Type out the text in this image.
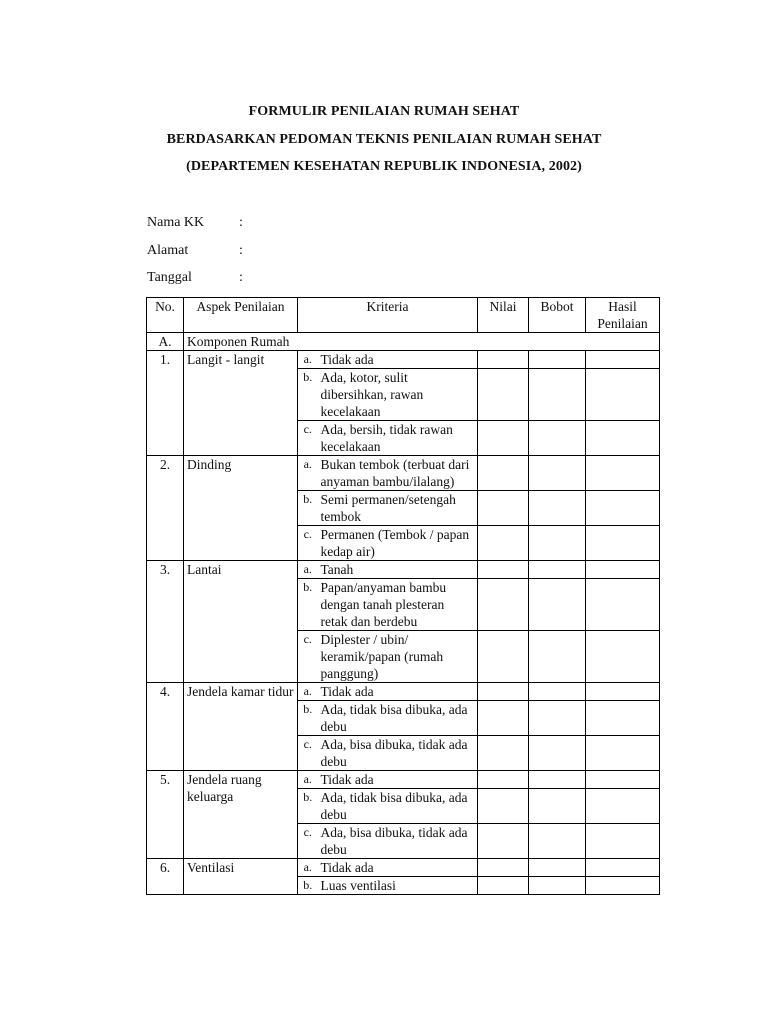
FORMULIR PENILAIAN RUMAH SEHAT
BERDASARKAN PEDOMAN TEKNIS PENILAIAN RUMAH SEHAT
(DEPARTEMEN KESEHATAN REPUBLIK INDONESIA, 2002)
Nama KK :
Alamat	:
Tanggal	:
No.	Aspek Penilaian	Kriteria		Nilai	Bobot	Hasil Penilaian
A.	Komponen Rumah					
1.	Langit - langit	a.	Tidak ada			
		b.	Ada, kotor, sulit dibersihkan, rawan kecelakaan			
		c.	Ada, bersih, tidak rawan kecelakaan			
2.	Dinding	a.	Bukan tembok (terbuat dari anyaman bambu/ilalang)			
		b.	Semi permanen/setengah tembok			
		c.	Permanen (Tembok / papan kedap air)			
3.	Lantai	a.	Tanah			
		b.	Papan/anyaman bambu dengan tanah plesteran retak dan berdebu			
		c.	Diplester / ubin/ keramik/papan (rumah panggung)			
4.	Jendela kamar tidur	a.	Tidak ada			
		b.	Ada, tidak bisa dibuka, ada debu			
		c.	Ada, bisa dibuka, tidak ada debu			
5.	Jendela ruang keluarga	a.	Tidak ada			
		b.	Ada, tidak bisa dibuka, ada debu			
		c.	Ada, bisa dibuka, tidak ada debu			
6.	Ventilasi	a.	Tidak ada			
		b.	Luas ventilasi			
